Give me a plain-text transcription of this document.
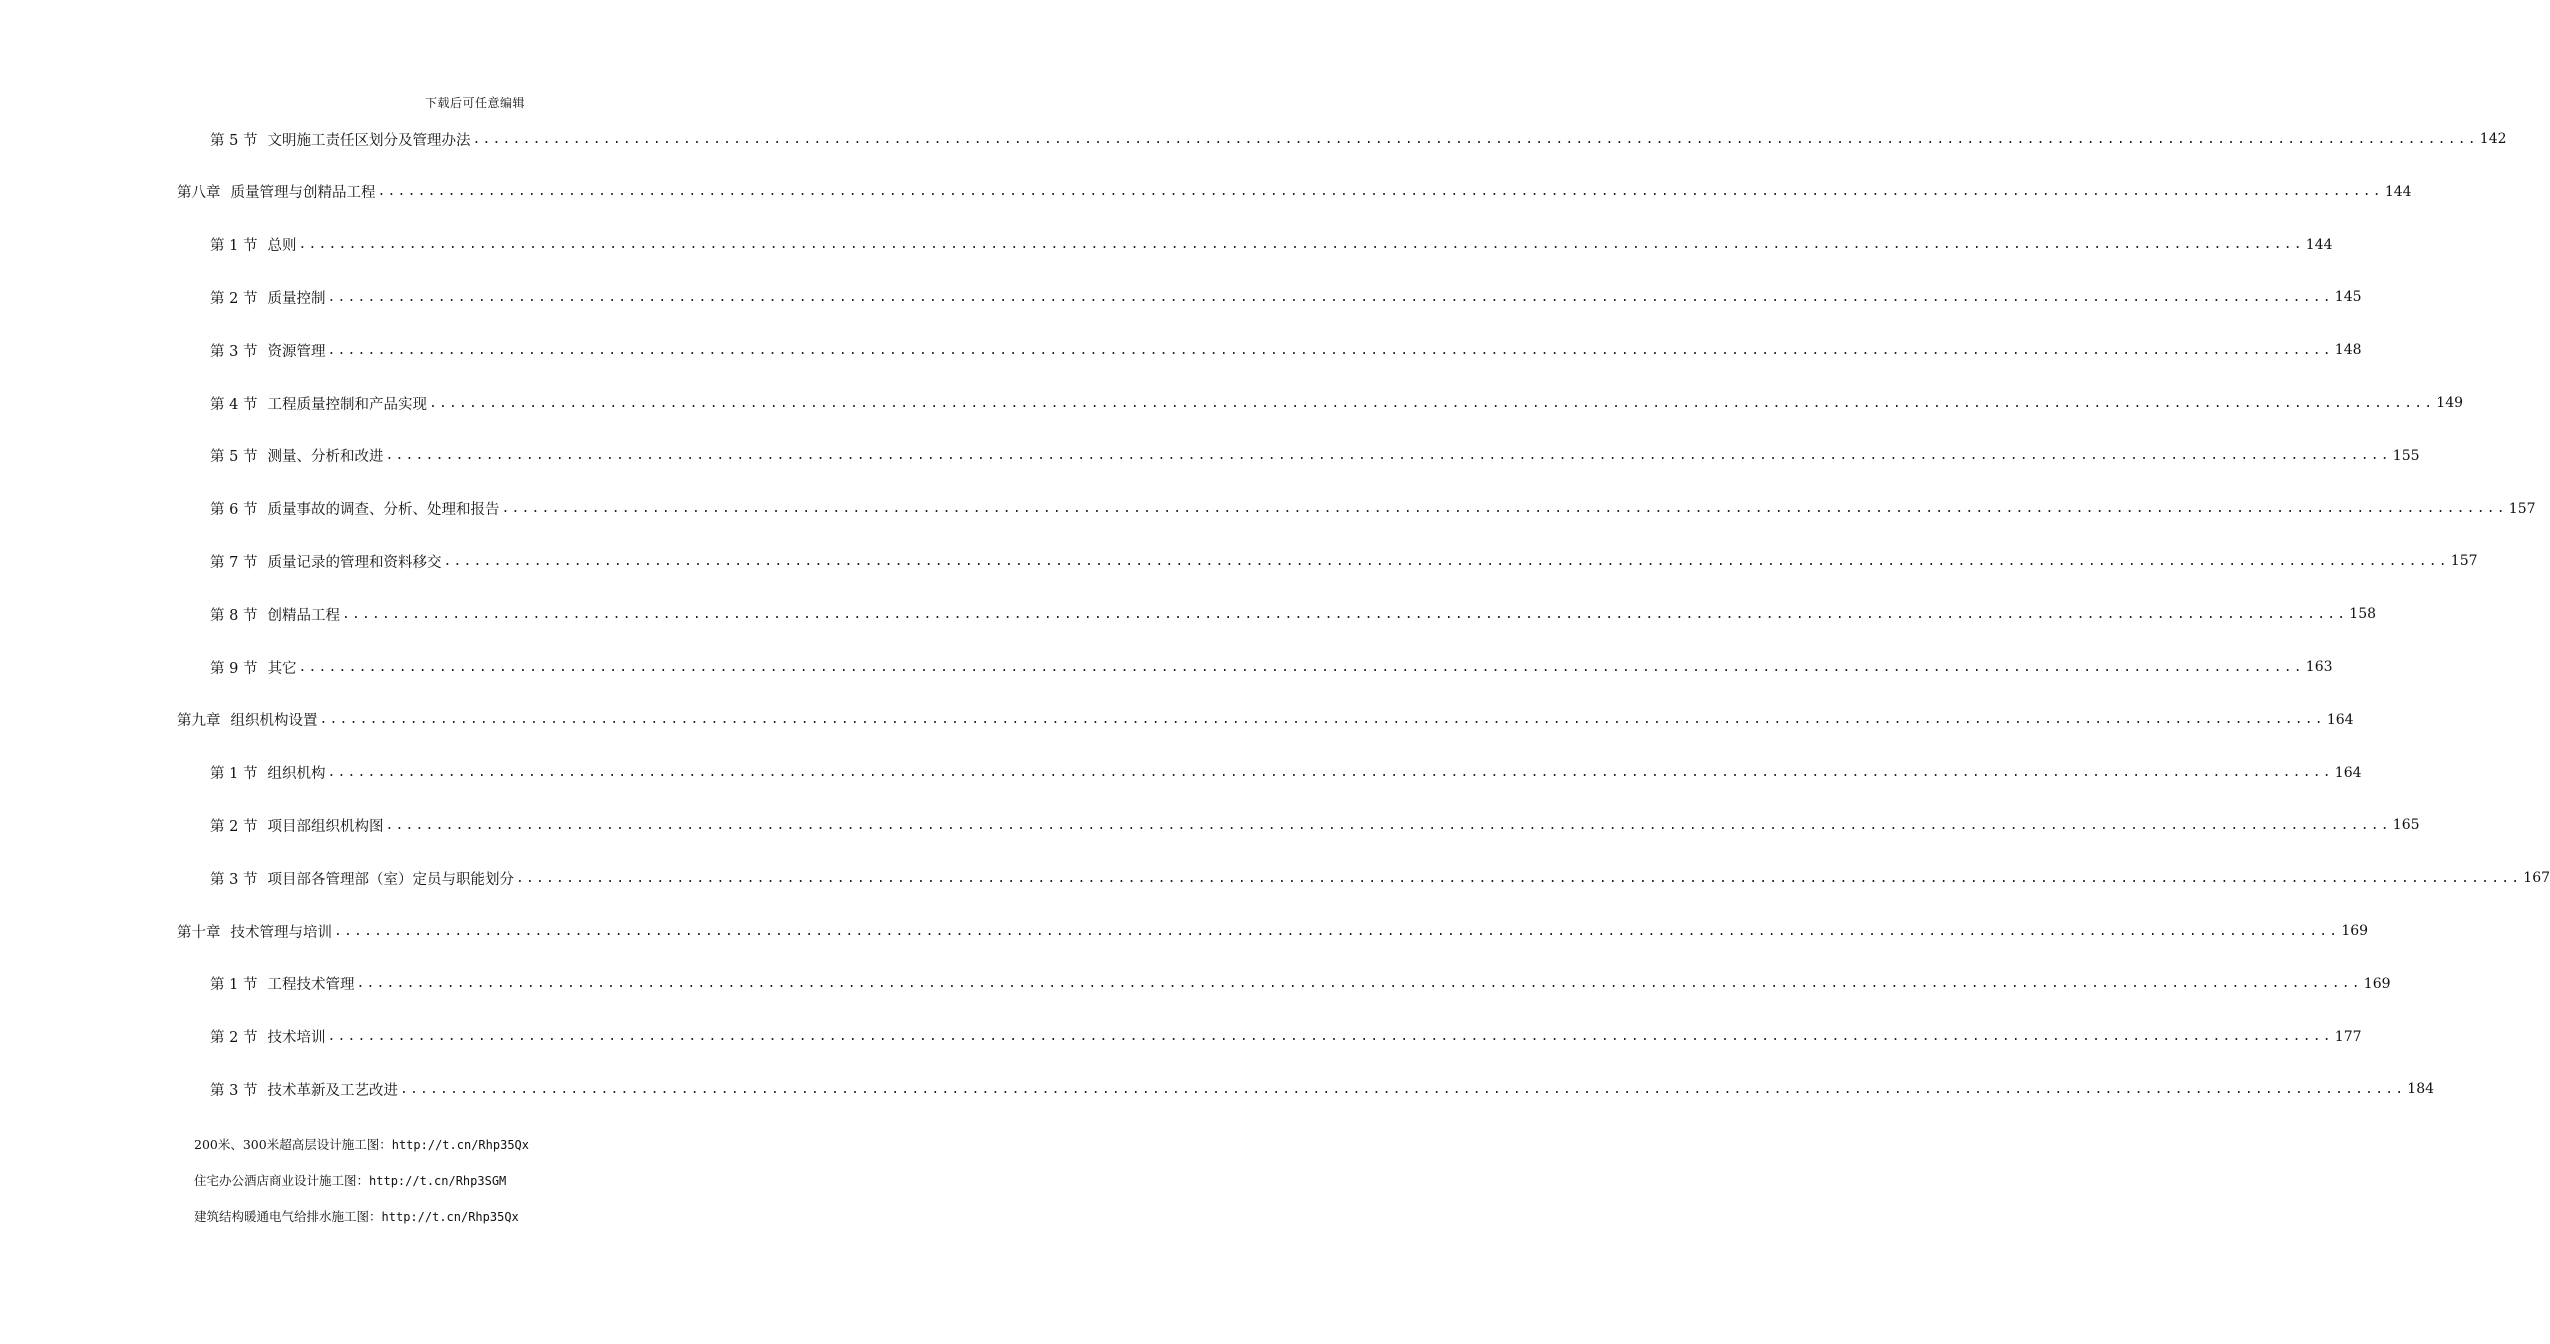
下载后可任意编辑
第 5 节 文明施工责任区划分及管理办法 ........................................................................................................................................................................................................ 142
第八章 质量管理与创精品工程 ........................................................................................................................................................................................................ 144
第 1 节 总则 ........................................................................................................................................................................................................ 144
第 2 节 质量控制 ........................................................................................................................................................................................................ 145
第 3 节 资源管理 ........................................................................................................................................................................................................ 148
第 4 节 工程质量控制和产品实现 ........................................................................................................................................................................................................ 149
第 5 节 测量、分析和改进 ........................................................................................................................................................................................................ 155
第 6 节 质量事故的调查、分析、处理和报告 ........................................................................................................................................................................................................ 157
第 7 节 质量记录的管理和资料移交 ........................................................................................................................................................................................................ 157
第 8 节 创精品工程 ........................................................................................................................................................................................................ 158
第 9 节 其它 ........................................................................................................................................................................................................ 163
第九章 组织机构设置 ........................................................................................................................................................................................................ 164
第 1 节 组织机构 ........................................................................................................................................................................................................ 164
第 2 节 项目部组织机构图 ........................................................................................................................................................................................................ 165
第 3 节 项目部各管理部（室）定员与职能划分 ........................................................................................................................................................................................................ 167
第十章 技术管理与培训 ........................................................................................................................................................................................................ 169
第 1 节 工程技术管理 ........................................................................................................................................................................................................ 169
第 2 节 技术培训 ........................................................................................................................................................................................................ 177
第 3 节 技术革新及工艺改进 ........................................................................................................................................................................................................ 184
200米、300米超高层设计施工图：http://t.cn/Rhp35Qx
住宅办公酒店商业设计施工图：http://t.cn/Rhp3SGM
建筑结构暖通电气给排水施工图：http://t.cn/Rhp35Qx
